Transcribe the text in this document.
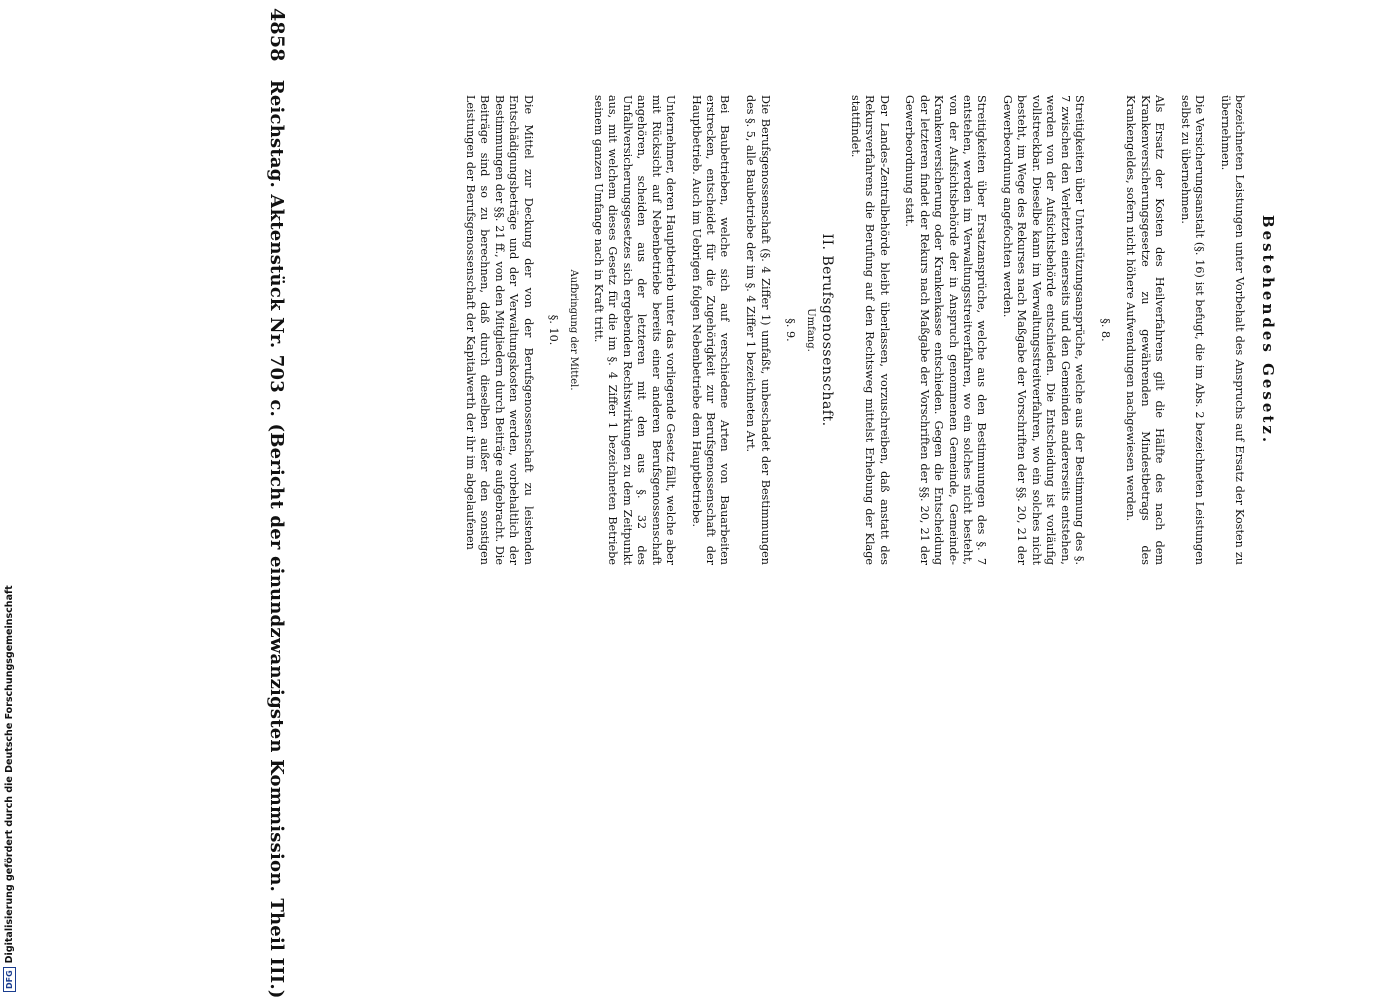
DFGDigitalisierung gefördert durch die Deutsche Forschungsgemeinschaft
4858
Reichstag. Aktenstück Nr. 703 c. (Bericht der einundzwanzigsten Kommission. Theil III.)	Bestehendes Gesetz.

bezeichneten Leistungen unter Vorbehalt des Anspruchs auf Ersatz der Kosten zu übernehmen.

Die Versicherungsanstalt (§. 16) ist befugt, die im Abs. 2 bezeichneten Leistungen selbst zu übernehmen.

Als Ersatz der Kosten des Heilverfahrens gilt die Hälfte des nach dem Krankenversicherungsgesetze zu gewährenden Mindestbetrags des Krankengeldes, sofern nicht höhere Aufwendungen nachgewiesen werden.

§. 8.

Streitigkeiten über Unterstützungsansprüche, welche aus der Bestimmung des §. 7 zwischen den Verletzten einerseits und den Gemeinden andererseits entstehen, werden von der Aufsichtsbehörde entschieden. Die Entscheidung ist vorläufig vollstreckbar. Dieselbe kann im Verwaltungsstreitverfahren, wo ein solches nicht besteht, im Wege des Rekurses nach Maßgabe der Vorschriften der §§. 20, 21 der Gewerbeordnung angefochten werden.

Streitigkeiten über Ersatzansprüche, welche aus den Bestimmungen des §. 7 entstehen, werden im Verwaltungsstreitverfahren, wo ein solches nicht besteht, von der Aufsichtsbehörde der in Anspruch genommenen Gemeinde, Gemeinde-Krankenversicherung oder Krankenkasse entschieden. Gegen die Entscheidung der letzteren findet der Rekurs nach Maßgabe der Vorschriften der §§. 20, 21 der Gewerbeordnung statt.

Der Landes-Zentralbehörde bleibt überlassen, vorzuschreiben, daß anstatt des Rekursverfahrens die Berufung auf den Rechtsweg mittelst Erhebung der Klage stattfindet.

II. Berufsgenossenschaft.
Umfang.
§. 9.

Die Berufsgenossenschaft (§. 4 Ziffer 1) umfaßt, unbeschadet der Bestimmungen des §. 5, alle Baubetriebe der im §. 4 Ziffer 1 bezeichneten Art.

Bei Baubetrieben, welche sich auf verschiedene Arten von Bauarbeiten erstrecken, entscheidet für die Zugehörigkeit zur Berufsgenossenschaft der Hauptbetrieb. Auch im Uebrigen folgen Nebenbetriebe dem Hauptbetriebe.

Unternehmer, deren Hauptbetrieb unter das vorliegende Gesetz fällt, welche aber mit Rücksicht auf Nebenbetriebe bereits einer anderen Berufsgenossenschaft angehören, scheiden aus der letzteren mit den aus §. 32 des Unfallversicherungsgesetzes sich ergebenden Rechtswirkungen zu dem Zeitpunkt aus, mit welchem dieses Gesetz für die im §. 4 Ziffer 1 bezeichneten Betriebe seinem ganzen Umfange nach in Kraft tritt.

Aufbringung der Mittel.
§. 10.

Die Mittel zur Deckung der von der Berufsgenossenschaft zu leistenden Entschädigungsbeträge und der Verwaltungskosten werden, vorbehaltlich der Bestimmungen der §§. 21 ff., von den Mitgliedern durch Beiträge aufgebracht. Die Beiträge sind so zu berechnen, daß durch dieselben außer den sonstigen Leistungen der Berufsgenossenschaft der Kapitalwerth der ihr im abgelaufenen
